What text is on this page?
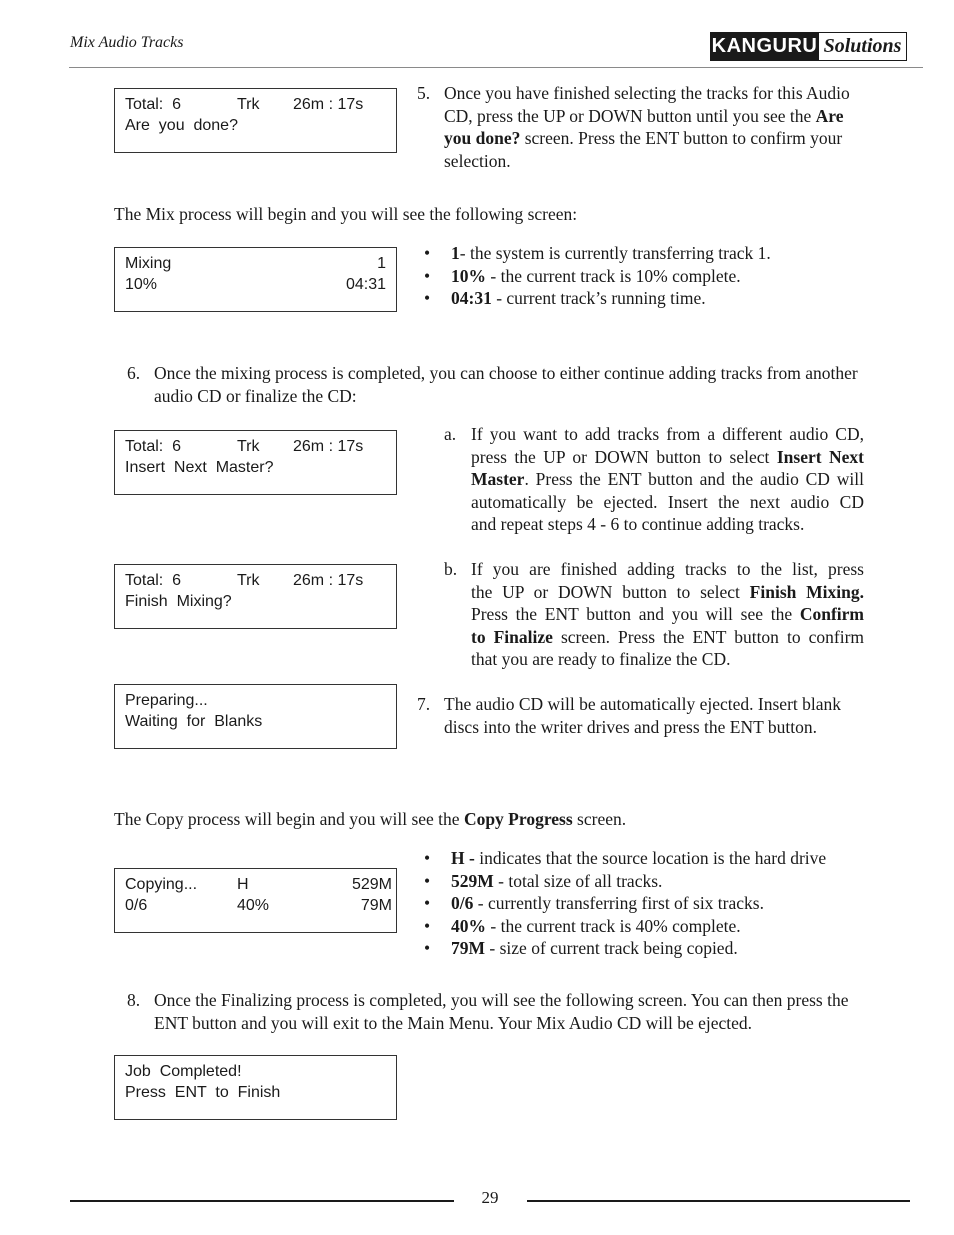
Mix Audio Tracks	KANGURU Solutions
Total:  6	Trk 26m : 17s
Are  you  done?
5. Once you have finished selecting the tracks for this Audio
CD, press the UP or DOWN button until you see the Are
you done? screen. Press the ENT button to confirm your
selection.
The Mix process will begin and you will see the following screen:
Mixing	1
10%	04:31
• 1- the system is currently transferring track 1.
• 10% - the current track is 10% complete.
• 04:31 - current track’s running time.
6. Once the mixing process is completed, you can choose to either continue adding tracks from another
audio CD or finalize the CD:
Total:  6	Trk 26m : 17s
Insert  Next  Master?
a. If you want to add tracks from a different audio CD,
press the UP or DOWN button to select Insert Next
Master. Press the ENT button and the audio CD will
automatically be ejected. Insert the next audio CD
and repeat steps 4 - 6 to continue adding tracks.
Total:  6	Trk 26m : 17s
Finish  Mixing?
b. If you are finished adding tracks to the list, press
the UP or DOWN button to select Finish Mixing.
Press the ENT button and you will see the Confirm
to Finalize screen. Press the ENT button to confirm
that you are ready to finalize the CD.
Preparing...
Waiting  for  Blanks
7. The audio CD will be automatically ejected. Insert blank
discs into the writer drives and press the ENT button.
The Copy process will begin and you will see the Copy Progress screen.
Copying... H	529M
0/6	40%	79M
• H - indicates that the source location is the hard drive
• 529M - total size of all tracks.
• 0/6 - currently transferring first of six tracks.
• 40% - the current track is 40% complete.
• 79M - size of current track being copied.
8. Once the Finalizing process is completed, you will see the following screen. You can then press the
ENT button and you will exit to the Main Menu. Your Mix Audio CD will be ejected.
Job  Completed!
Press  ENT  to  Finish
29
